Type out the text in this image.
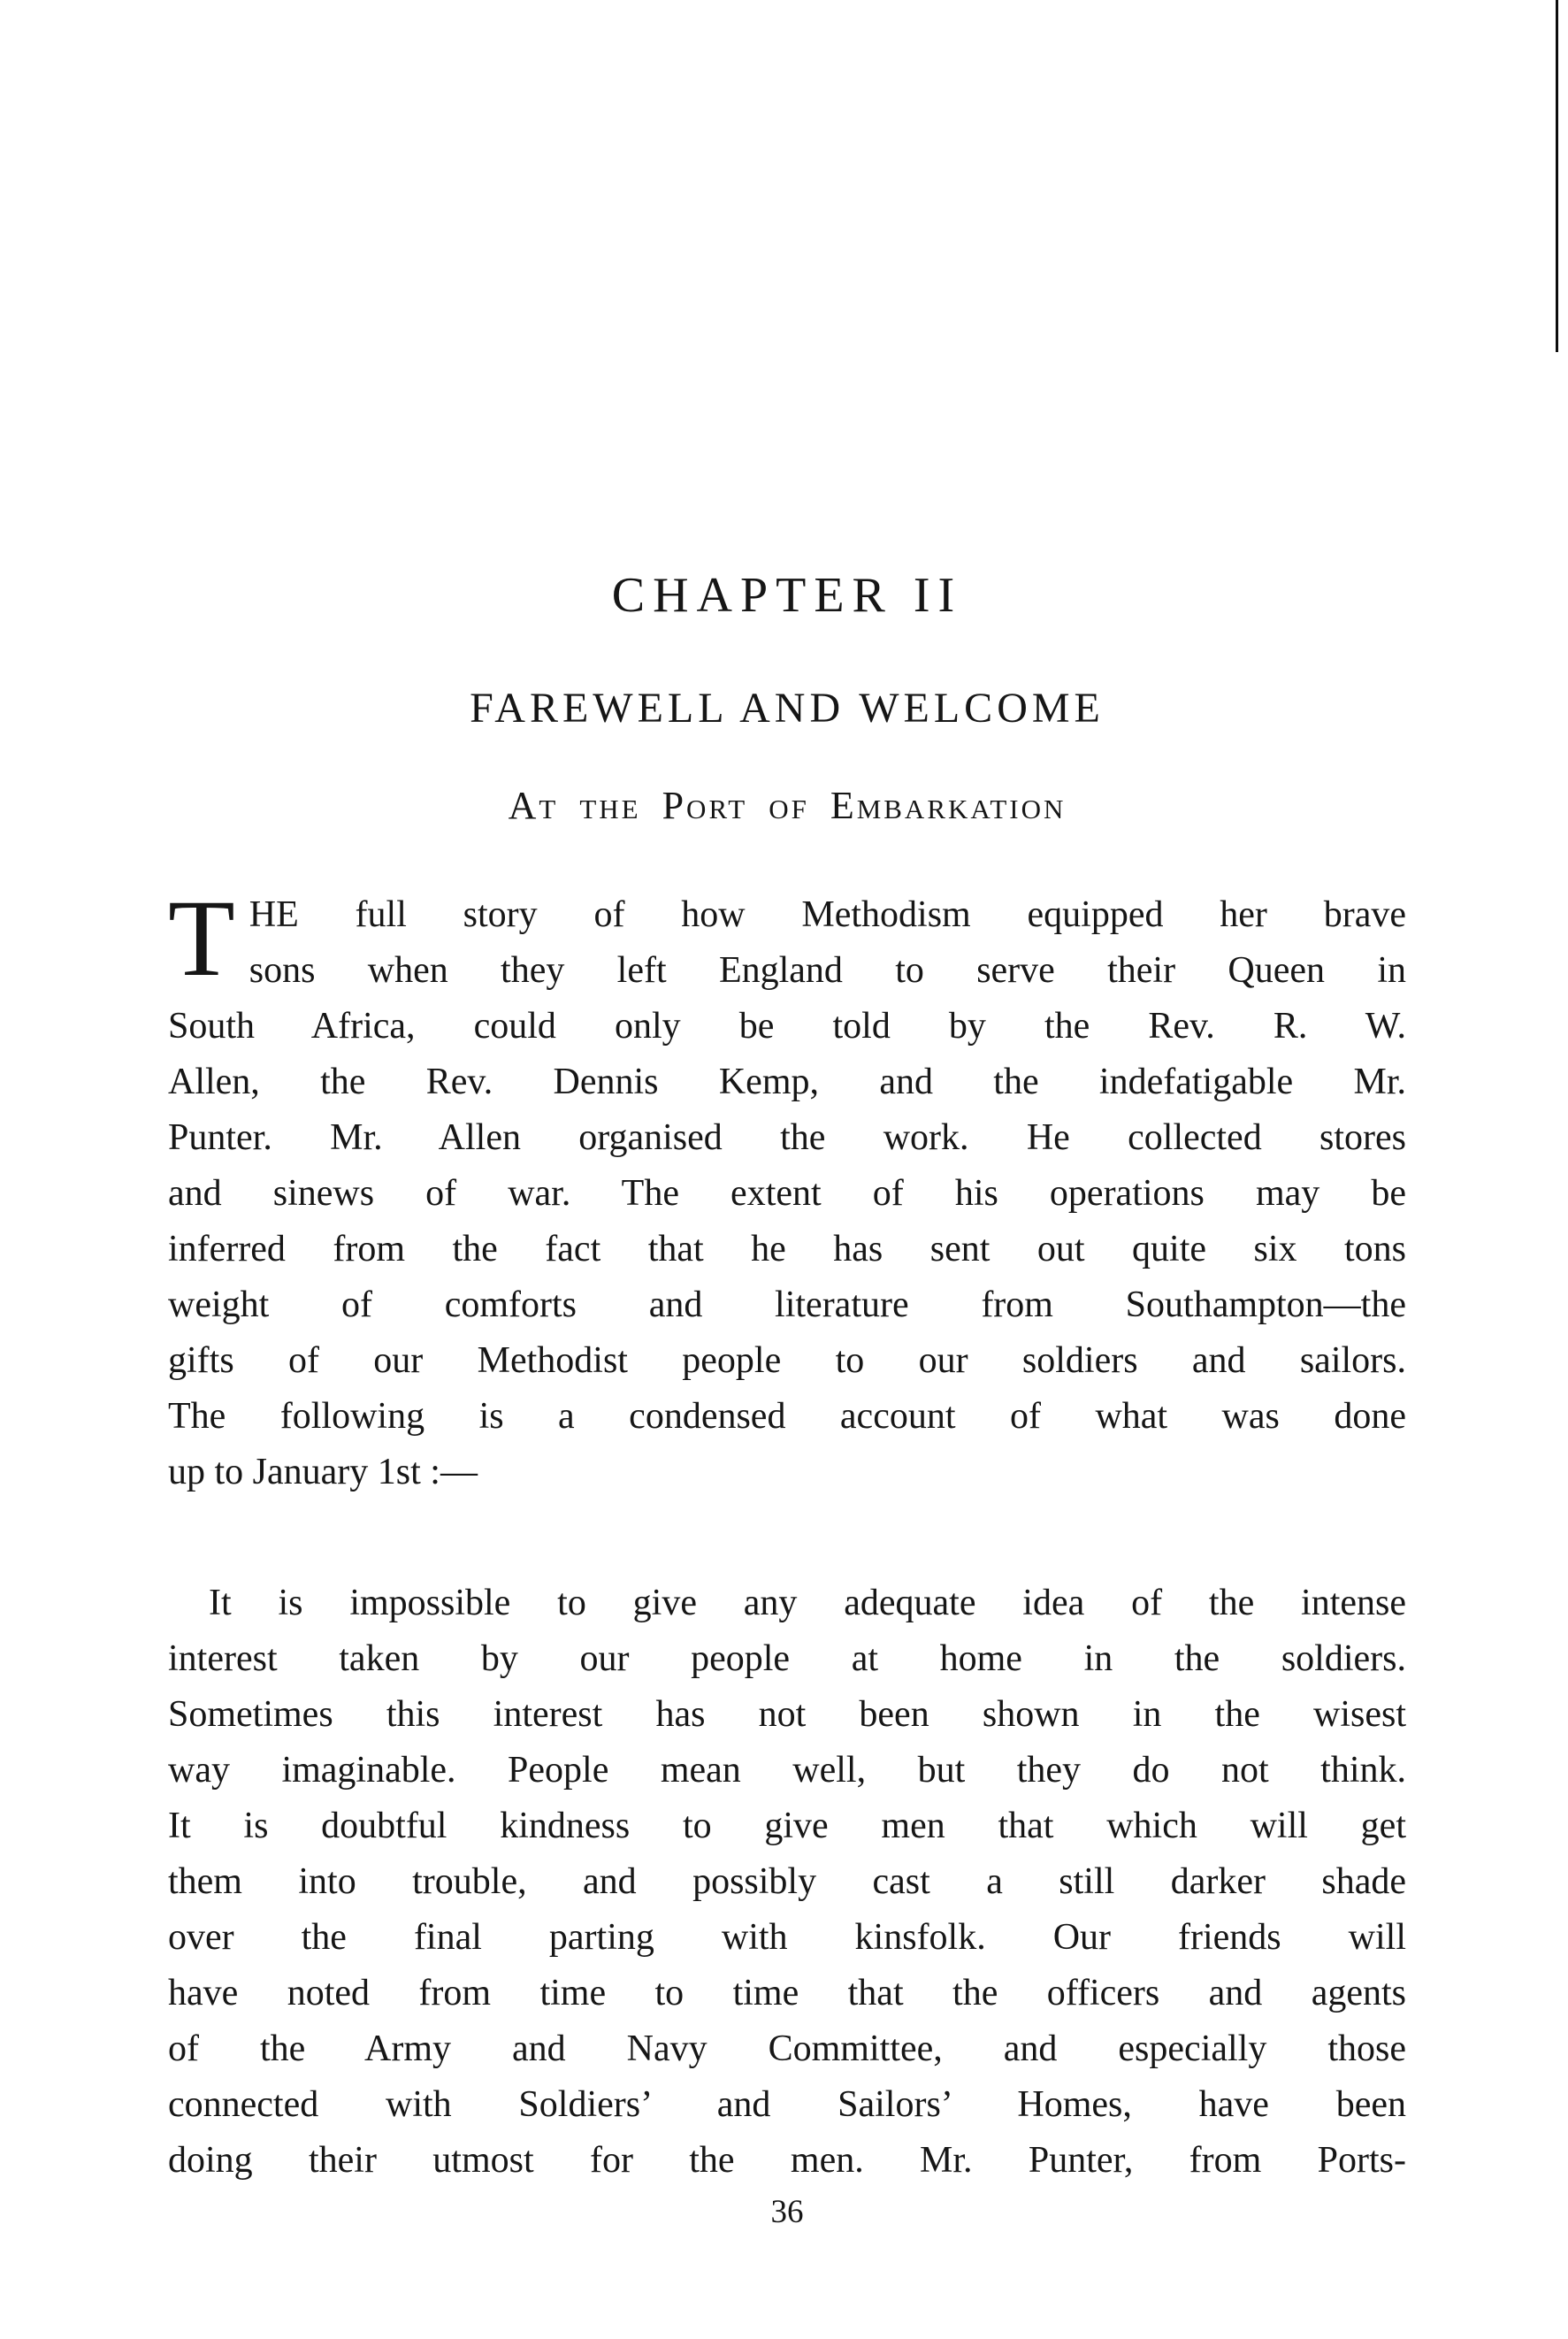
CHAPTER II
FAREWELL AND WELCOME
At the Port of Embarkation
T HE full story of how Methodism equipped her brave
sons when they left England to serve their Queen in
South Africa, could only be told by the Rev. R. W.
Allen, the Rev. Dennis Kemp, and the indefatigable Mr.
Punter. Mr. Allen organised the work. He collected stores
and sinews of war. The extent of his operations may be
inferred from the fact that he has sent out quite six tons
weight of comforts and literature from Southampton—the
gifts of our Methodist people to our soldiers and sailors.
The following is a condensed account of what was done
up to January 1st :—
It is impossible to give any adequate idea of the intense
interest taken by our people at home in the soldiers.
Sometimes this interest has not been shown in the wisest
way imaginable. People mean well, but they do not think.
It is doubtful kindness to give men that which will get
them into trouble, and possibly cast a still darker shade
over the final parting with kinsfolk. Our friends will
have noted from time to time that the officers and agents
of the Army and Navy Committee, and especially those
connected with Soldiers’ and Sailors’ Homes, have been
doing their utmost for the men. Mr. Punter, from Ports-
36
